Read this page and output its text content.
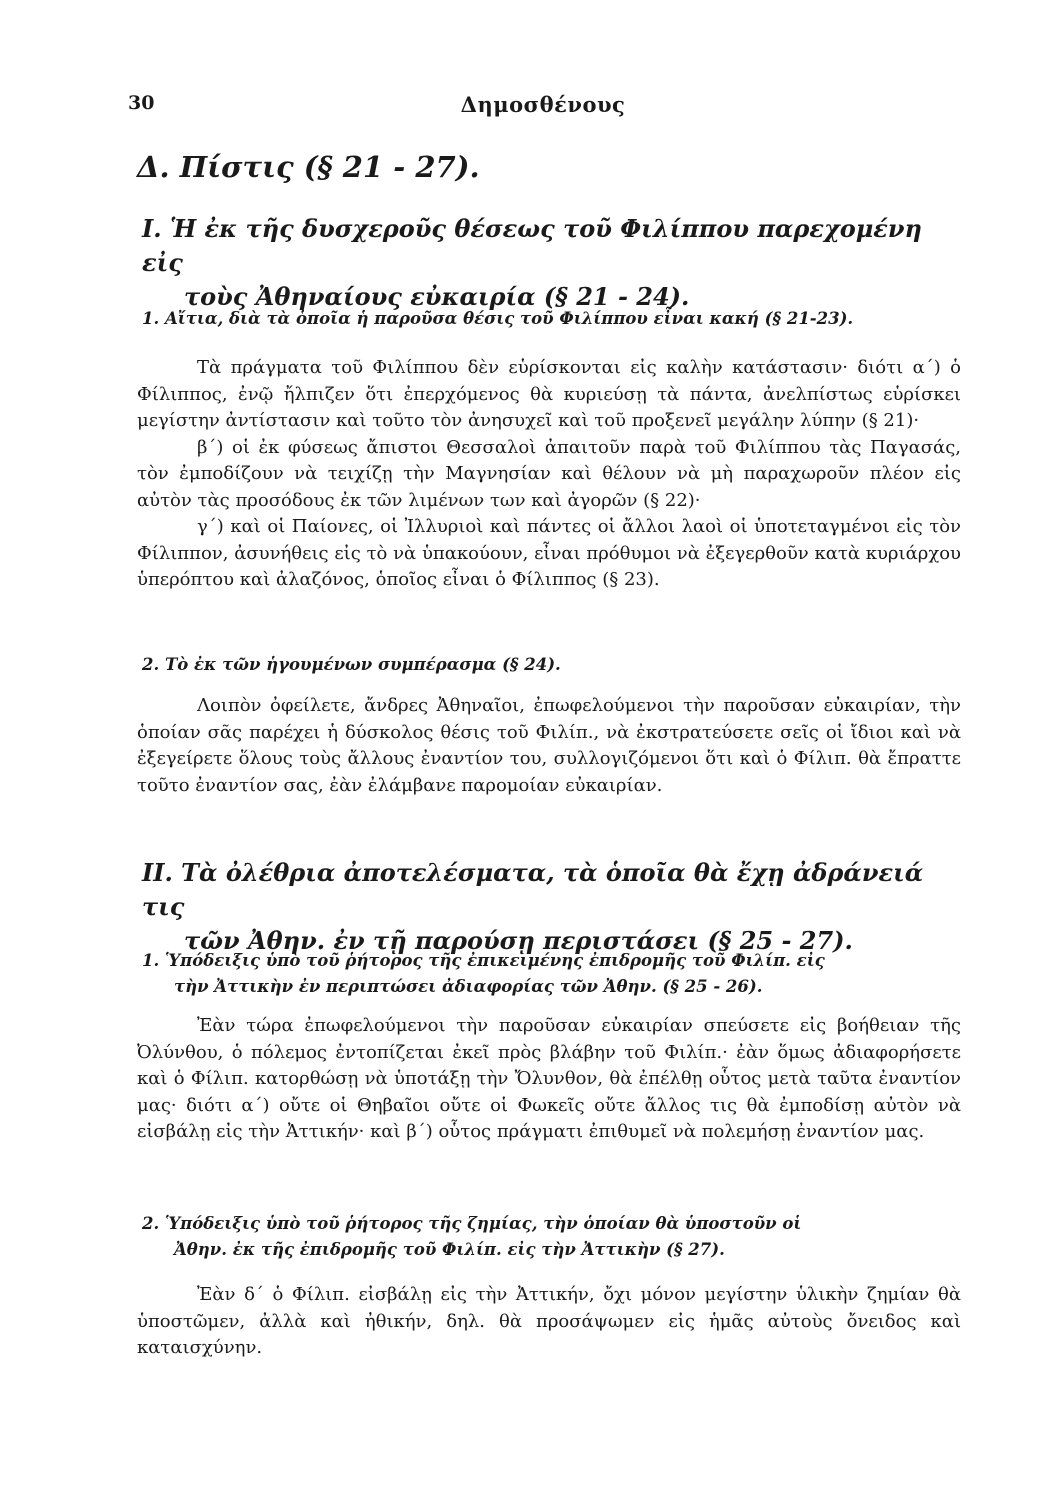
30	Δημοσθένους
Δ. Πίστις (§ 21 - 27).
Ι. Ἡ ἐκ τῆς δυσχεροῦς θέσεως τοῦ Φιλίππου παρεχομένη εἰς
τοὺς Ἀθηναίους εὐκαιρία (§ 21 - 24).
1. Αἴτια, διὰ τὰ ὁποῖα ἡ παροῦσα θέσις τοῦ Φιλίππου εἶναι κακή (§ 21-23).

Τὰ πράγματα τοῦ Φιλίππου δὲν εὑρίσκονται εἰς καλὴν κατάστασιν· διότι α΄) ὁ Φίλιππος, ἐνῷ ἤλπιζεν ὅτι ἐπερχόμενος θὰ κυριεύσῃ τὰ πάντα, ἀνελπίστως εὑρίσκει μεγίστην ἀντίστασιν καὶ τοῦτο τὸν ἀνησυχεῖ καὶ τοῦ προξενεῖ μεγάλην λύπην (§ 21)·

β΄) οἱ ἐκ φύσεως ἄπιστοι Θεσσαλοὶ ἀπαιτοῦν παρὰ τοῦ Φιλίππου τὰς Παγασάς, τὸν ἐμποδίζουν νὰ τειχίζῃ τὴν Μαγνησίαν καὶ θέλουν νὰ μὴ παραχωροῦν πλέον εἰς αὐτὸν τὰς προσόδους ἐκ τῶν λιμένων των καὶ ἀγορῶν (§ 22)·

γ΄) καὶ οἱ Παίονες, οἱ Ἰλλυριοὶ καὶ πάντες οἱ ἄλλοι λαοὶ οἱ ὑποτεταγμένοι εἰς τὸν Φίλιππον, ἀσυνήθεις εἰς τὸ νὰ ὑπακούουν, εἶναι πρόθυμοι νὰ ἐξεγερθοῦν κατὰ κυριάρχου ὑπερόπτου καὶ ἀλαζόνος, ὁποῖος εἶναι ὁ Φίλιππος (§ 23).

2. Τὸ ἐκ τῶν ἡγουμένων συμπέρασμα (§ 24).

Λοιπὸν ὀφείλετε, ἄνδρες Ἀθηναῖοι, ἐπωφελούμενοι τὴν παροῦσαν εὐκαιρίαν, τὴν ὁποίαν σᾶς παρέχει ἡ δύσκολος θέσις τοῦ Φιλίπ., νὰ ἐκστρατεύσετε σεῖς οἱ ἴδιοι καὶ νὰ ἐξεγείρετε ὅλους τοὺς ἄλλους ἐναντίον του, συλλογιζόμενοι ὅτι καὶ ὁ Φίλιπ. θὰ ἔπραττε τοῦτο ἐναντίον σας, ἐὰν ἐλάμβανε παρομοίαν εὐκαιρίαν.

ΙΙ. Τὰ ὀλέθρια ἀποτελέσματα, τὰ ὁποῖα θὰ ἔχῃ ἀδράνειά τις
τῶν Ἀθην. ἐν τῇ παρούσῃ περιστάσει (§ 25 - 27).
1. Ὑπόδειξις ὑπὸ τοῦ ῥήτορος τῆς ἐπικειμένης ἐπιδρομῆς τοῦ Φιλίπ. εἰς
τὴν Ἀττικὴν ἐν περιπτώσει ἀδιαφορίας τῶν Ἀθην. (§ 25 - 26).

Ἐὰν τώρα ἐπωφελούμενοι τὴν παροῦσαν εὐκαιρίαν σπεύσετε εἰς βοήθειαν τῆς Ὀλύνθου, ὁ πόλεμος ἐντοπίζεται ἐκεῖ πρὸς βλάβην τοῦ Φιλίπ.· ἐὰν ὅμως ἀδιαφορήσετε καὶ ὁ Φίλιπ. κατορθώσῃ νὰ ὑποτάξῃ τὴν Ὄλυνθον, θὰ ἐπέλθῃ οὗτος μετὰ ταῦτα ἐναντίον μας· διότι α΄) οὔτε οἱ Θηβαῖοι οὔτε οἱ Φωκεῖς οὔτε ἄλλος τις θὰ ἐμποδίσῃ αὐτὸν νὰ εἰσβάλῃ εἰς τὴν Ἀττικήν· καὶ β΄) οὗτος πράγματι ἐπιθυμεῖ νὰ πολεμήσῃ ἐναντίον μας.

2. Ὑπόδειξις ὑπὸ τοῦ ῥήτορος τῆς ζημίας, τὴν ὁποίαν θὰ ὑποστοῦν οἱ
Ἀθην. ἐκ τῆς ἐπιδρομῆς τοῦ Φιλίπ. εἰς τὴν Ἀττικὴν (§ 27).

Ἐὰν δ΄ ὁ Φίλιπ. εἰσβάλῃ εἰς τὴν Ἀττικήν, ὄχι μόνον μεγίστην ὑλικὴν ζημίαν θὰ ὑποστῶμεν, ἀλλὰ καὶ ἠθικήν, δηλ. θὰ προσάψωμεν εἰς ἡμᾶς αὐτοὺς ὄνειδος καὶ καταισχύνην.
